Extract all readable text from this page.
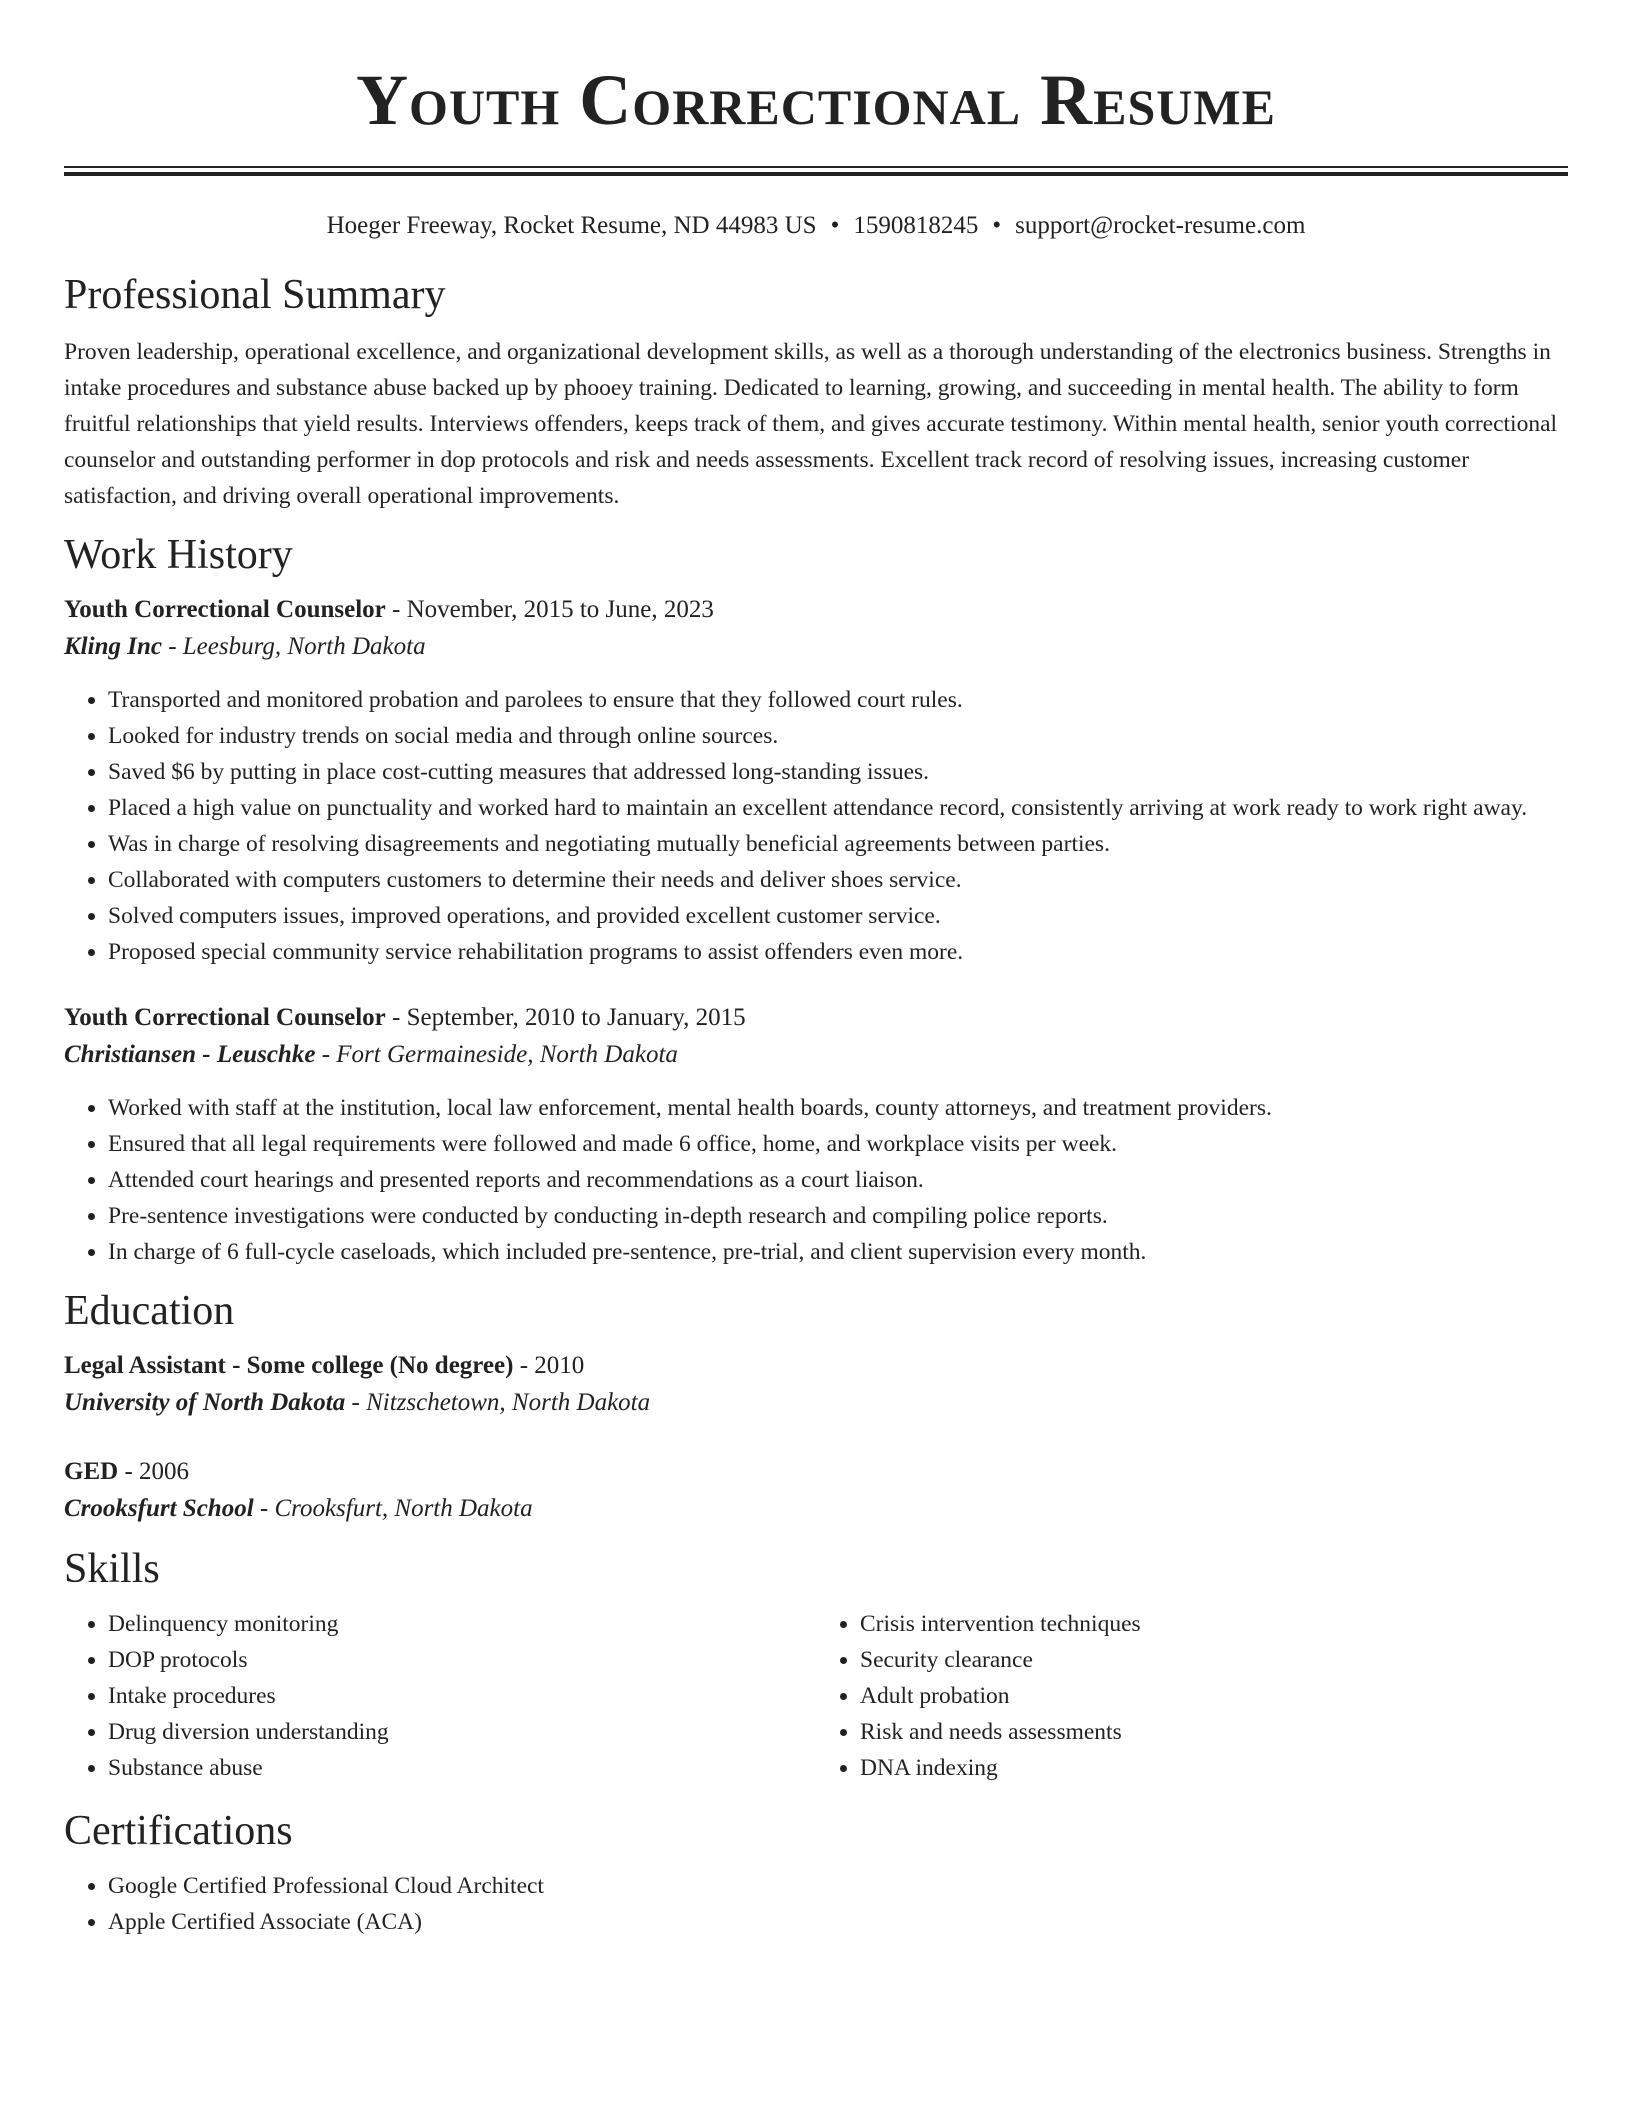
Youth Correctional Resume
Hoeger Freeway, Rocket Resume, ND 44983 US • 1590818245 • support@rocket-resume.com
Professional Summary

Proven leadership, operational excellence, and organizational development skills, as well as a thorough understanding of the electronics business. Strengths in intake procedures and substance abuse backed up by phooey training. Dedicated to learning, growing, and succeeding in mental health. The ability to form fruitful relationships that yield results. Interviews offenders, keeps track of them, and gives accurate testimony. Within mental health, senior youth correctional counselor and outstanding performer in dop protocols and risk and needs assessments. Excellent track record of resolving issues, increasing customer satisfaction, and driving overall operational improvements.

Work History
Youth Correctional Counselor - November, 2015 to June, 2023
Kling Inc - Leesburg, North Dakota
• Transported and monitored probation and parolees to ensure that they followed court rules.
• Looked for industry trends on social media and through online sources.
• Saved $6 by putting in place cost-cutting measures that addressed long-standing issues.
• Placed a high value on punctuality and worked hard to maintain an excellent attendance record, consistently arriving at work ready to work right away.
• Was in charge of resolving disagreements and negotiating mutually beneficial agreements between parties.
• Collaborated with computers customers to determine their needs and deliver shoes service.
• Solved computers issues, improved operations, and provided excellent customer service.
• Proposed special community service rehabilitation programs to assist offenders even more.
Youth Correctional Counselor - September, 2010 to January, 2015
Christiansen - Leuschke - Fort Germaineside, North Dakota
• Worked with staff at the institution, local law enforcement, mental health boards, county attorneys, and treatment providers.
• Ensured that all legal requirements were followed and made 6 office, home, and workplace visits per week.
• Attended court hearings and presented reports and recommendations as a court liaison.
• Pre-sentence investigations were conducted by conducting in-depth research and compiling police reports.
• In charge of 6 full-cycle caseloads, which included pre-sentence, pre-trial, and client supervision every month.
Education
Legal Assistant - Some college (No degree) - 2010
University of North Dakota - Nitzschetown, North Dakota
GED - 2006
Crooksfurt School - Crooksfurt, North Dakota
Skills
• Delinquency monitoring
• DOP protocols
• Intake procedures
• Drug diversion understanding
• Substance abuse
• Crisis intervention techniques
• Security clearance
• Adult probation
• Risk and needs assessments
• DNA indexing
Certifications
• Google Certified Professional Cloud Architect
• Apple Certified Associate (ACA)
